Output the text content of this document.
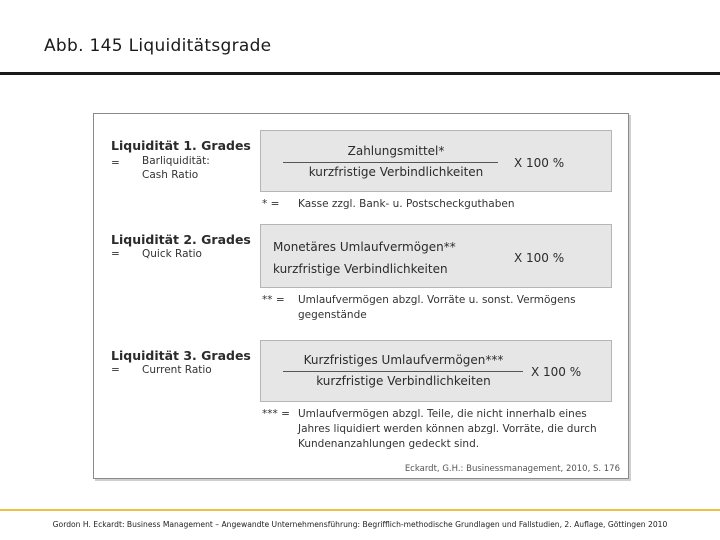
Abb. 145 Liquiditätsgrade
Liquidität 1. Grades
= Barliquidität:
Cash Ratio
Zahlungsmittel*
kurzfristige Verbindlichkeiten
X 100 %
* = Kasse zzgl. Bank- u. Postscheckguthaben
Liquidität 2. Grades
= Quick Ratio	Monetäres Umlaufvermögen**
kurzfristige Verbindlichkeiten
X 100 %
** = Umlaufvermögen abzgl. Vorräte u. sonst. Vermögens
gegenstände
Liquidität 3. Grades
= Current Ratio
Kurzfristiges Umlaufvermögen***
kurzfristige Verbindlichkeiten
X 100 %
*** = Umlaufvermögen abzgl. Teile, die nicht innerhalb eines
Jahres liquidiert werden können abzgl. Vorräte, die durch
Kundenanzahlungen gedeckt sind.
Eckardt, G.H.: Businessmanagement, 2010, S. 176
Gordon H. Eckardt: Business Management – Angewandte Unternehmensführung: Begrifflich-methodische Grundlagen und Fallstudien, 2. Auflage, Göttingen 2010
